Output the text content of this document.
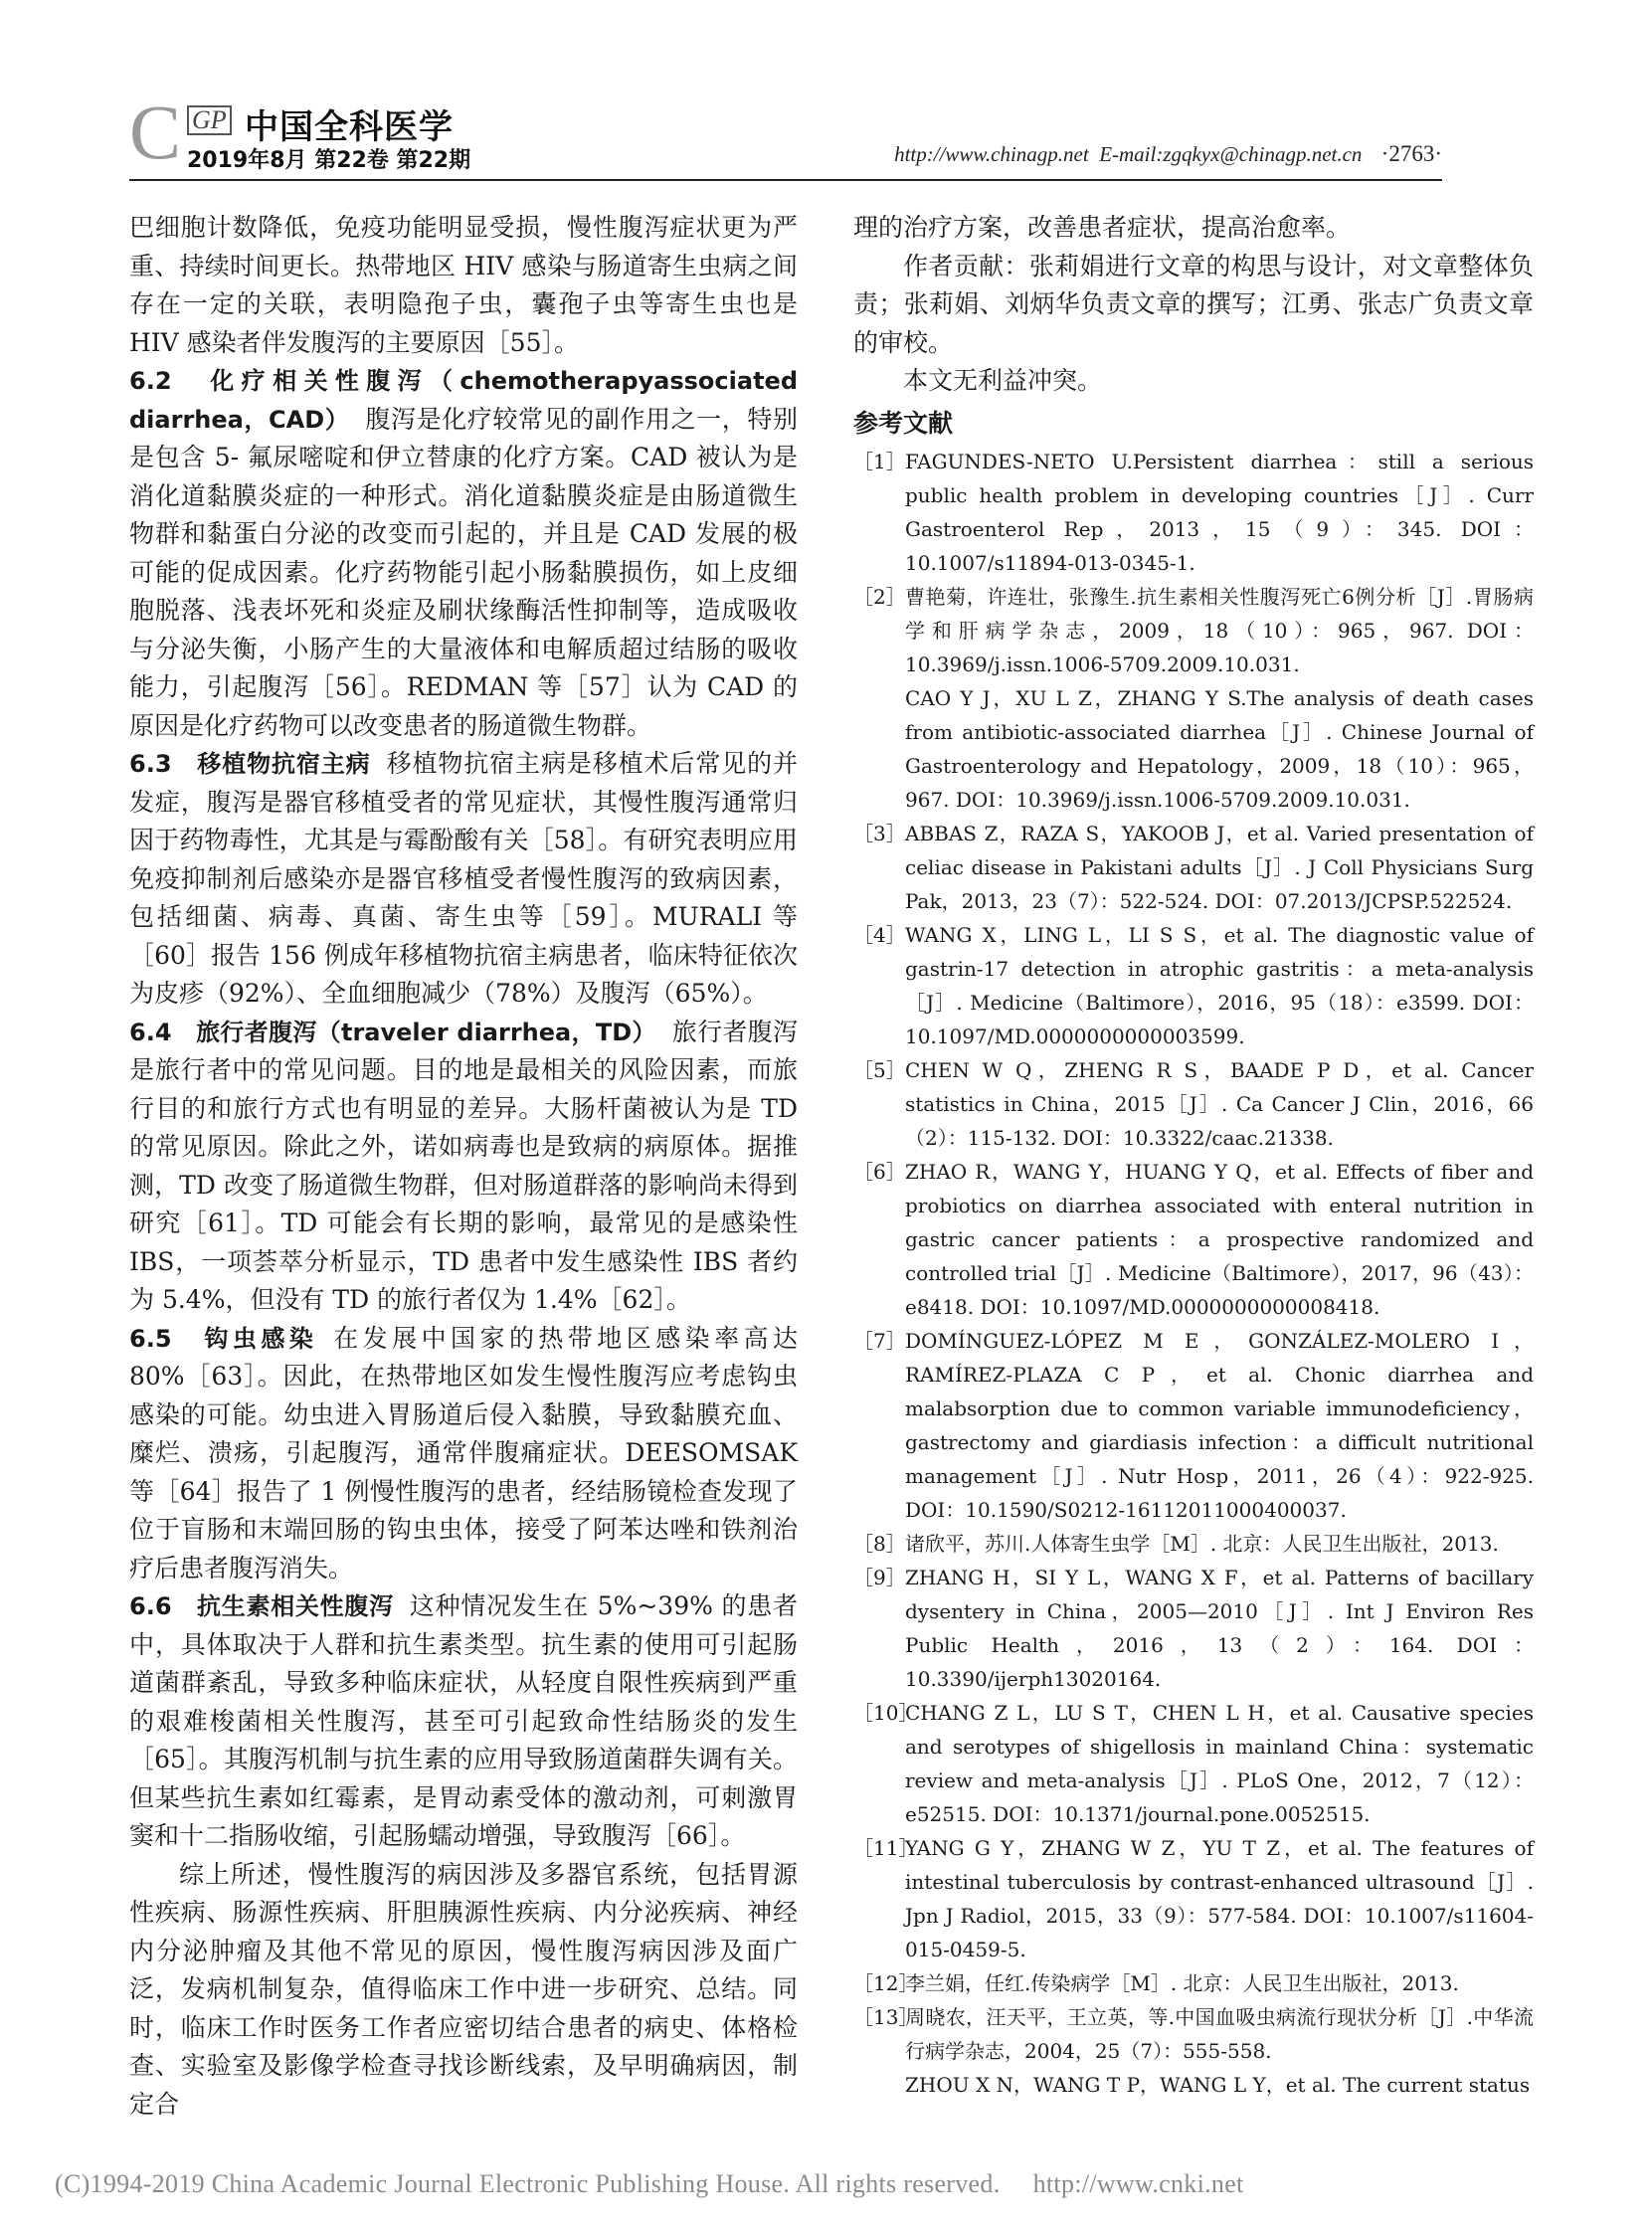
C GP 中国全科医学
2019年8月 第22卷 第22期	http://www.chinagp.net E-mail:zgqkyx@chinagp.net.cn ·2763·

巴细胞计数降低，免疫功能明显受损，慢性腹泻症状更为严重、持续时间更长。热带地区 HIV 感染与肠道寄生虫病之间存在一定的关联，表明隐孢子虫，囊孢子虫等寄生虫也是 HIV 感染者伴发腹泻的主要原因［55］。

6.2　化疗相关性腹泻（chemotherapyassociated diarrhea，CAD） 腹泻是化疗较常见的副作用之一，特别是包含 5- 氟尿嘧啶和伊立替康的化疗方案。CAD 被认为是消化道黏膜炎症的一种形式。消化道黏膜炎症是由肠道微生物群和黏蛋白分泌的改变而引起的，并且是 CAD 发展的极可能的促成因素。化疗药物能引起小肠黏膜损伤，如上皮细胞脱落、浅表坏死和炎症及刷状缘酶活性抑制等，造成吸收与分泌失衡，小肠产生的大量液体和电解质超过结肠的吸收能力，引起腹泻［56］。REDMAN 等［57］认为 CAD 的原因是化疗药物可以改变患者的肠道微生物群。

6.3　移植物抗宿主病 移植物抗宿主病是移植术后常见的并发症，腹泻是器官移植受者的常见症状，其慢性腹泻通常归因于药物毒性，尤其是与霉酚酸有关［58］。有研究表明应用免疫抑制剂后感染亦是器官移植受者慢性腹泻的致病因素，包括细菌、病毒、真菌、寄生虫等［59］。MURALI 等［60］报告 156 例成年移植物抗宿主病患者，临床特征依次为皮疹（92%）、全血细胞减少（78%）及腹泻（65%）。

6.4　旅行者腹泻（traveler diarrhea，TD） 旅行者腹泻是旅行者中的常见问题。目的地是最相关的风险因素，而旅行目的和旅行方式也有明显的差异。大肠杆菌被认为是 TD 的常见原因。除此之外，诺如病毒也是致病的病原体。据推测，TD 改变了肠道微生物群，但对肠道群落的影响尚未得到研究［61］。TD 可能会有长期的影响，最常见的是感染性 IBS，一项荟萃分析显示，TD 患者中发生感染性 IBS 者约为 5.4%，但没有 TD 的旅行者仅为 1.4%［62］。

6.5　钩虫感染 在发展中国家的热带地区感染率高达 80%［63］。因此，在热带地区如发生慢性腹泻应考虑钩虫感染的可能。幼虫进入胃肠道后侵入黏膜，导致黏膜充血、糜烂、溃疡，引起腹泻，通常伴腹痛症状。DEESOMSAK 等［64］报告了 1 例慢性腹泻的患者，经结肠镜检查发现了位于盲肠和末端回肠的钩虫虫体，接受了阿苯达唑和铁剂治疗后患者腹泻消失。

6.6　抗生素相关性腹泻 这种情况发生在 5%~39% 的患者中，具体取决于人群和抗生素类型。抗生素的使用可引起肠道菌群紊乱，导致多种临床症状，从轻度自限性疾病到严重的艰难梭菌相关性腹泻，甚至可引起致命性结肠炎的发生［65］。其腹泻机制与抗生素的应用导致肠道菌群失调有关。但某些抗生素如红霉素，是胃动素受体的激动剂，可刺激胃窦和十二指肠收缩，引起肠蠕动增强，导致腹泻［66］。

综上所述，慢性腹泻的病因涉及多器官系统，包括胃源性疾病、肠源性疾病、肝胆胰源性疾病、内分泌疾病、神经内分泌肿瘤及其他不常见的原因，慢性腹泻病因涉及面广泛，发病机制复杂，值得临床工作中进一步研究、总结。同时，临床工作时医务工作者应密切结合患者的病史、体格检查、实验室及影像学检查寻找诊断线索，及早明确病因，制定合

理的治疗方案，改善患者症状，提高治愈率。

作者贡献：张莉娟进行文章的构思与设计，对文章整体负责；张莉娟、刘炳华负责文章的撰写；江勇、张志广负责文章的审校。

本文无利益冲突。

参考文献
［1］ FAGUNDES-NETO U.Persistent diarrhea：still a serious public health problem in developing countries［J］. Curr Gastroenterol Rep，2013，15（9）：345. DOI：10.1007/s11894-013-0345-1.
［2］ 曹艳菊，许连壮，张豫生.抗生素相关性腹泻死亡6例分析［J］.胃肠病学和肝病学杂志，2009，18（10）：965，967. DOI：10.3969/j.issn.1006-5709.2009.10.031.
CAO Y J，XU L Z，ZHANG Y S.The analysis of death cases from antibiotic-associated diarrhea［J］. Chinese Journal of Gastroenterology and Hepatology，2009，18（10）：965，967. DOI：10.3969/j.issn.1006-5709.2009.10.031.
［3］ ABBAS Z，RAZA S，YAKOOB J，et al. Varied presentation of celiac disease in Pakistani adults［J］. J Coll Physicians Surg Pak，2013，23（7）：522-524. DOI：07.2013/JCPSP.522524.
［4］ WANG X，LING L，LI S S，et al. The diagnostic value of gastrin-17 detection in atrophic gastritis：a meta-analysis［J］. Medicine（Baltimore），2016，95（18）：e3599. DOI：10.1097/MD.0000000000003599.
［5］ CHEN W Q，ZHENG R S，BAADE P D，et al. Cancer statistics in China，2015［J］. Ca Cancer J Clin，2016，66（2）：115-132. DOI：10.3322/caac.21338.
［6］ ZHAO R，WANG Y，HUANG Y Q，et al. Effects of fiber and probiotics on diarrhea associated with enteral nutrition in gastric cancer patients：a prospective randomized and controlled trial［J］. Medicine（Baltimore），2017，96（43）：e8418. DOI：10.1097/MD.0000000000008418.
［7］ DOMÍNGUEZ-LÓPEZ M E，GONZÁLEZ-MOLERO I，RAMÍREZ-PLAZA C P，et al. Chonic diarrhea and malabsorption due to common variable immunodeficiency，gastrectomy and giardiasis infection：a difficult nutritional management［J］. Nutr Hosp，2011，26（4）：922-925. DOI：10.1590/S0212-16112011000400037.
［8］ 诸欣平，苏川.人体寄生虫学［M］. 北京：人民卫生出版社，2013.
［9］ ZHANG H，SI Y L，WANG X F，et al. Patterns of bacillary dysentery in China，2005—2010［J］. Int J Environ Res Public Health，2016，13（2）：164. DOI：10.3390/ijerph13020164.
［10］
CHANG Z L，LU S T，CHEN L H，et al. Causative species and serotypes of shigellosis in mainland China：systematic review and meta-analysis［J］. PLoS One，2012，7（12）：e52515. DOI：10.1371/journal.pone.0052515.
［11］
YANG G Y，ZHANG W Z，YU T Z，et al. The features of intestinal tuberculosis by contrast-enhanced ultrasound［J］. Jpn J Radiol，2015，33（9）：577-584. DOI：10.1007/s11604-015-0459-5.
［12］
李兰娟，任红.传染病学［M］. 北京：人民卫生出版社，2013.
［13］
周晓农，汪天平，王立英，等.中国血吸虫病流行现状分析［J］.中华流行病学杂志，2004，25（7）：555-558.
ZHOU X N，WANG T P，WANG L Y，et al. The current status
(C)1994-2019 China Academic Journal Electronic Publishing House. All rights reserved.　 http://www.cnki.net
